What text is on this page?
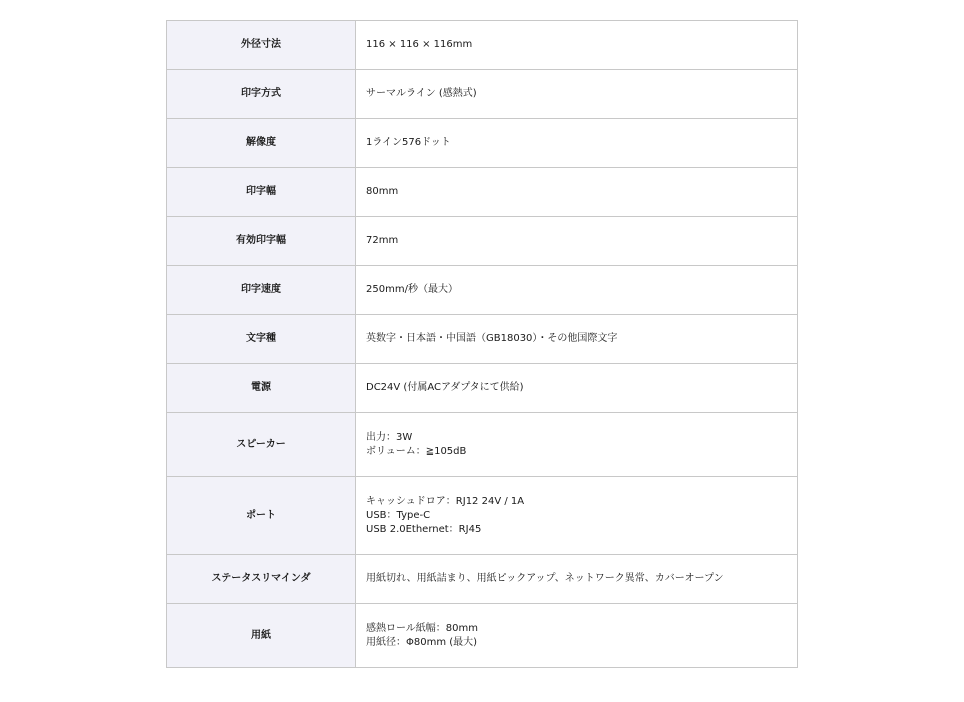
外径寸法	116 × 116 × 116mm

印字方式	サーマルライン (感熱式)

解像度	1ライン576ドット

印字幅	80mm

有効印字幅	72mm

印字速度	250mm/秒（最大）

文字種	英数字・日本語・中国語（GB18030）・その他国際文字

電源	DC24V (付属ACアダプタにて供給)

スピーカー	出力：3W
ボリューム：≧105dB

ポート	キャッシュドロア：RJ12 24V / 1A
USB：Type-C
USB 2.0Ethernet：RJ45

ステータスリマインダ	用紙切れ、用紙詰まり、用紙ピックアップ、ネットワーク異常、カバーオープン

用紙	感熱ロール紙幅：80mm
用紙径：Φ80mm (最大)
